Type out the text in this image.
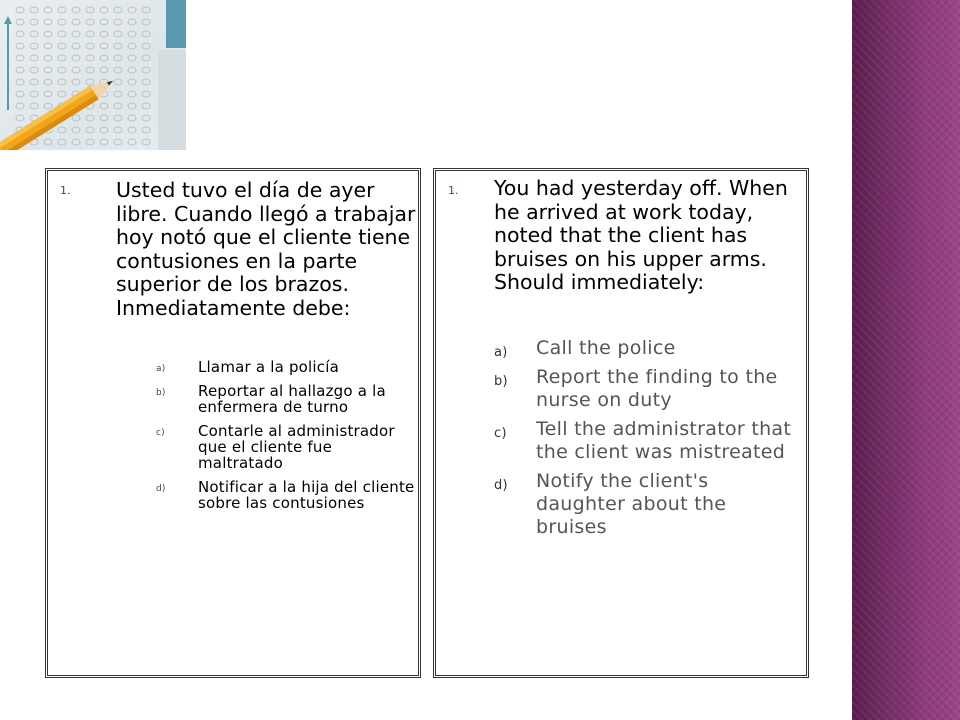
1. Usted tuvo el día de ayer libre. Cuando llegó a trabajar hoy notó que el cliente tiene contusiones en la parte superior de los brazos. Inmediatamente debe:
a) Llamar a la policía
b) Reportar al hallazgo a la enfermera de turno
c) Contarle al administrador que el cliente fue maltratado
d) Notificar a la hija del cliente sobre las contusiones
1. You had yesterday off. When he arrived at work today, noted that the client has bruises on his upper arms. Should immediately:
a) Call the police
b) Report the finding to the nurse on duty
c) Tell the administrator that the client was mistreated
d) Notify the client's daughter about the bruises
